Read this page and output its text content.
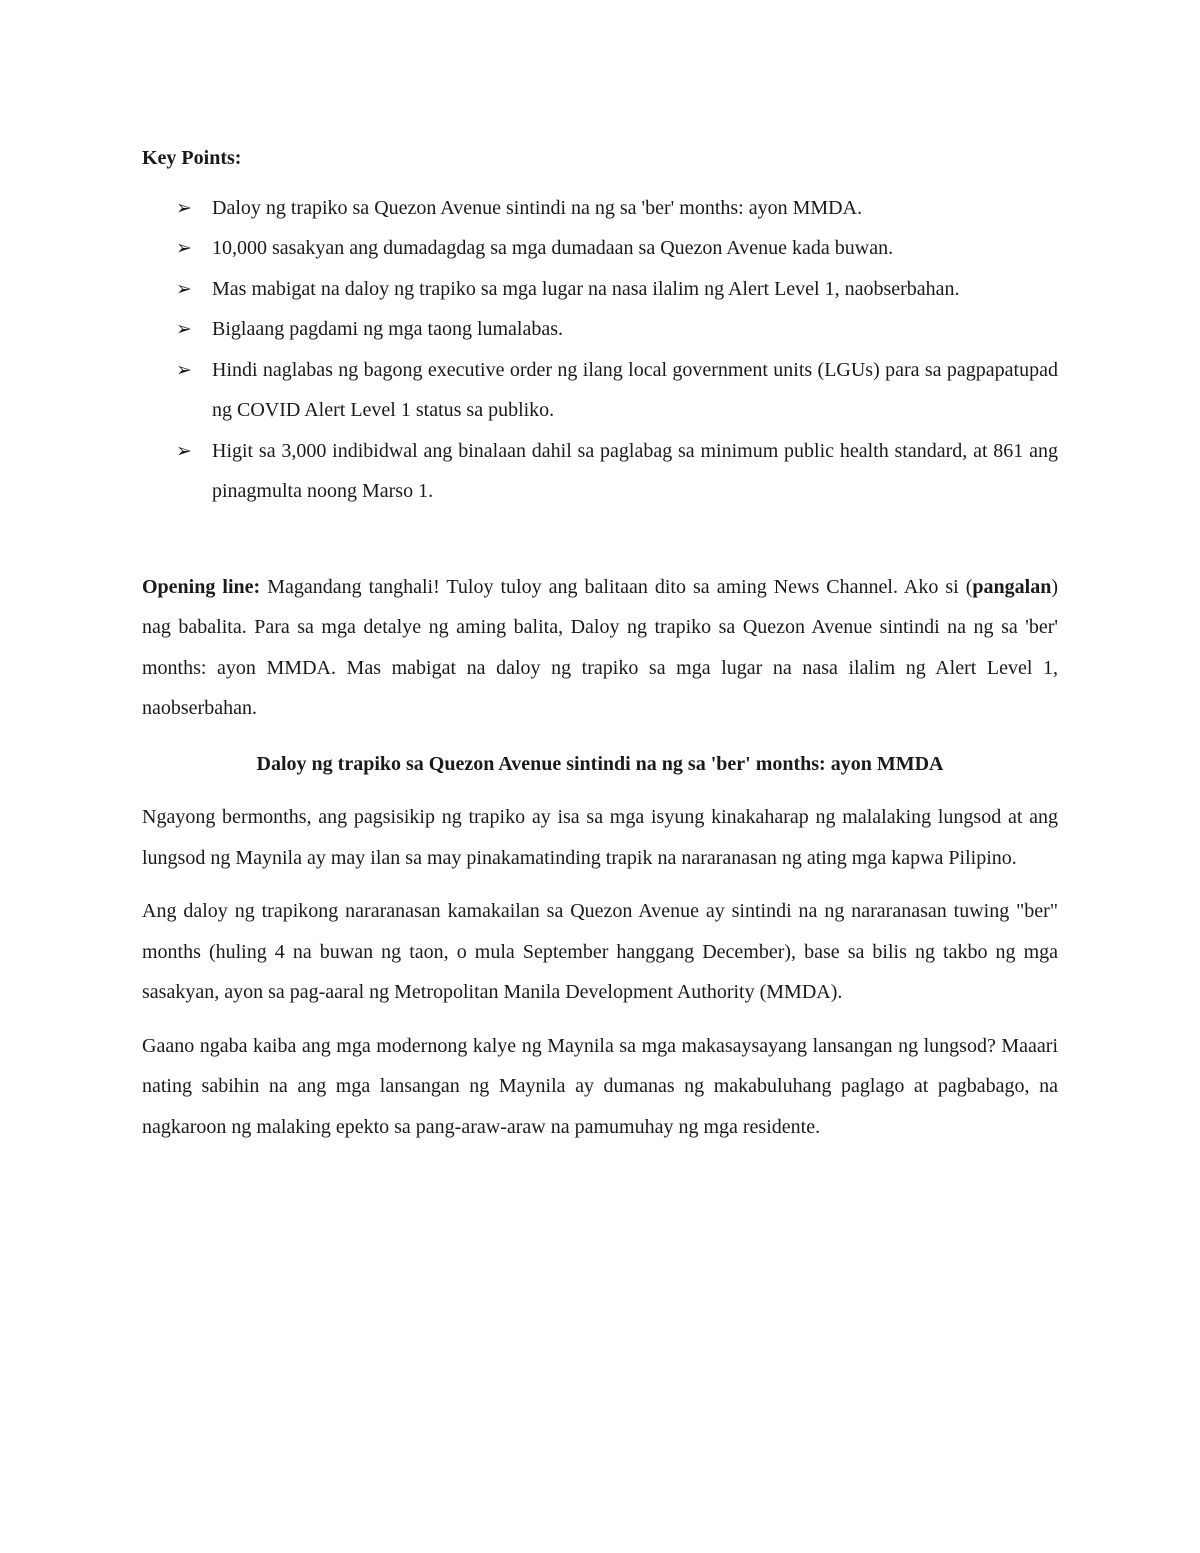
Key Points:
➢ Daloy ng trapiko sa Quezon Avenue sintindi na ng sa 'ber' months: ayon MMDA.
➢ 10,000 sasakyan ang dumadagdag sa mga dumadaan sa Quezon Avenue kada buwan.
➢ Mas mabigat na daloy ng trapiko sa mga lugar na nasa ilalim ng Alert Level 1, naobserbahan.
➢ Biglaang pagdami ng mga taong lumalabas.
➢ Hindi naglabas ng bagong executive order ng ilang local government units (LGUs) para sa pagpapatupad ng COVID Alert Level 1 status sa publiko.
➢ Higit sa 3,000 indibidwal ang binalaan dahil sa paglabag sa minimum public health standard, at 861 ang pinagmulta noong Marso 1.
Opening line: Magandang tanghali! Tuloy tuloy ang balitaan dito sa aming News Channel. Ako si (pangalan) nag babalita. Para sa mga detalye ng aming balita, Daloy ng trapiko sa Quezon Avenue sintindi na ng sa 'ber' months: ayon MMDA. Mas mabigat na daloy ng trapiko sa mga lugar na nasa ilalim ng Alert Level 1, naobserbahan.
Daloy ng trapiko sa Quezon Avenue sintindi na ng sa 'ber' months: ayon MMDA

Ngayong bermonths, ang pagsisikip ng trapiko ay isa sa mga isyung kinakaharap ng malalaking lungsod at ang lungsod ng Maynila ay may ilan sa may pinakamatinding trapik na nararanasan ng ating mga kapwa Pilipino.

Ang daloy ng trapikong nararanasan kamakailan sa Quezon Avenue ay sintindi na ng nararanasan tuwing "ber" months (huling 4 na buwan ng taon, o mula September hanggang December), base sa bilis ng takbo ng mga sasakyan, ayon sa pag-aaral ng Metropolitan Manila Development Authority (MMDA).

Gaano ngaba kaiba ang mga modernong kalye ng Maynila sa mga makasaysayang lansangan ng lungsod? Maaari nating sabihin na ang mga lansangan ng Maynila ay dumanas ng makabuluhang paglago at pagbabago, na nagkaroon ng malaking epekto sa pang-araw-araw na pamumuhay ng mga residente.
